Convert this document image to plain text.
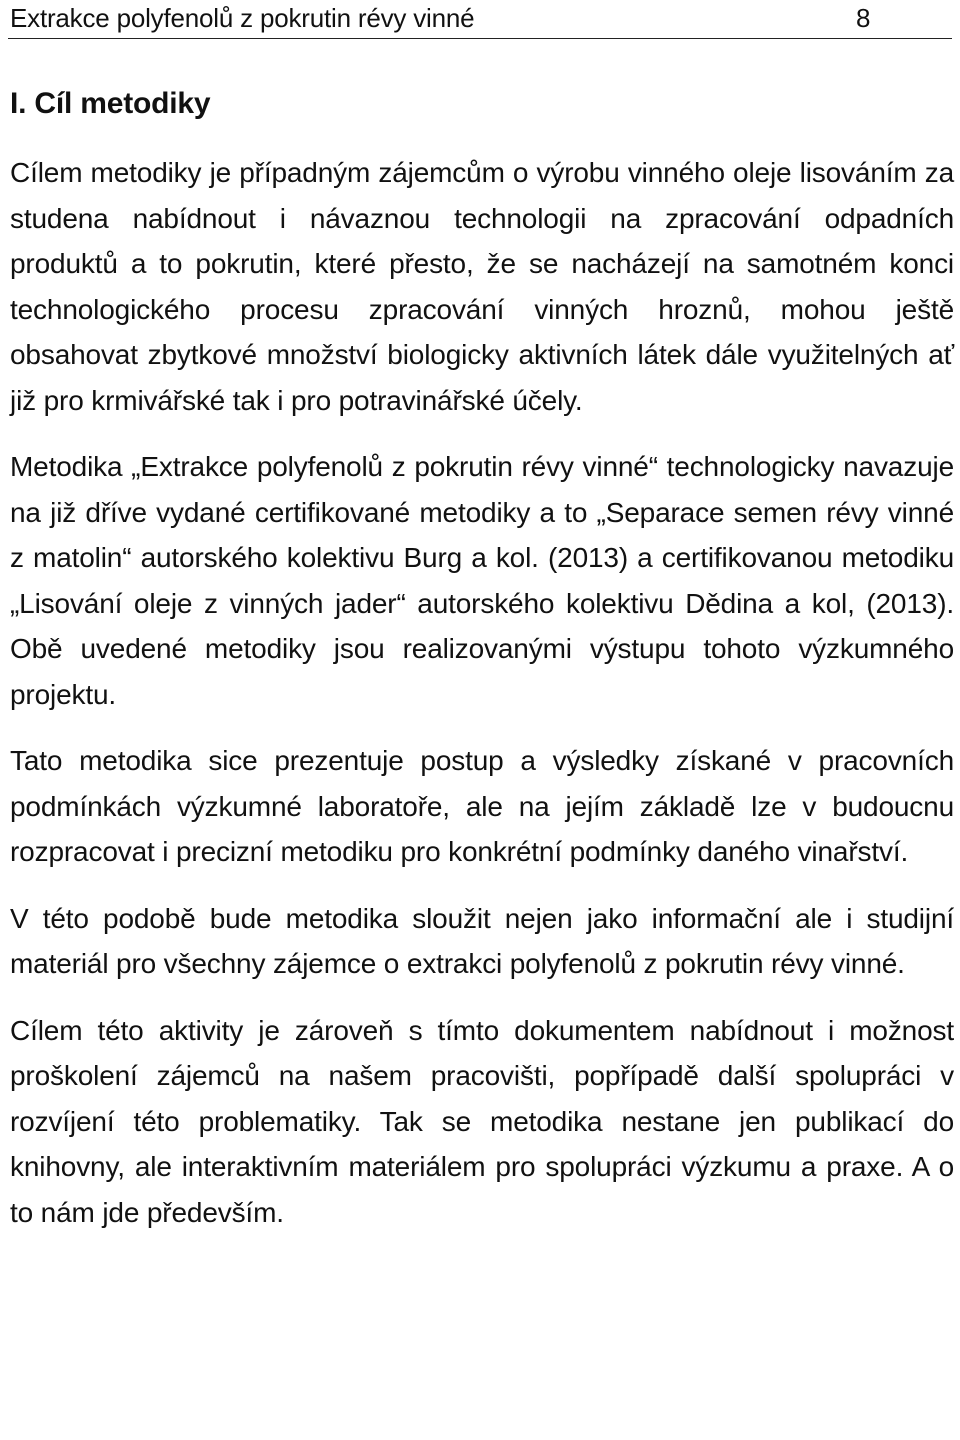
Extrakce polyfenolů z pokrutin révy vinné	8
I. Cíl metodiky

Cílem metodiky je případným zájemcům o výrobu vinného oleje lisováním za studena nabídnout i návaznou technologii na zpracování odpadních produktů a to pokrutin, které přesto, že se nacházejí na samotném konci technologického procesu zpracování vinných hroznů, mohou ještě obsahovat zbytkové množství biologicky aktivních látek dále využitelných ať již pro krmivářské tak i pro potravinářské účely.

Metodika „Extrakce polyfenolů z pokrutin révy vinné“ technologicky navazuje na již dříve vydané certifikované metodiky a to „Separace semen révy vinné z matolin“ autorského kolektivu Burg a kol. (2013) a certifikovanou metodiku „Lisování oleje z vinných jader“ autorského kolektivu Dědina a kol, (2013). Obě uvedené metodiky jsou realizovanými výstupu tohoto výzkumného projektu.

Tato metodika sice prezentuje postup a výsledky získané v pracovních podmínkách výzkumné laboratoře, ale na jejím základě lze v budoucnu rozpracovat i precizní metodiku pro konkrétní podmínky daného vinařství.

V této podobě bude metodika sloužit nejen jako informační ale i studijní materiál pro všechny zájemce o extrakci polyfenolů z pokrutin révy vinné.

Cílem této aktivity je zároveň s tímto dokumentem nabídnout i možnost proškolení zájemců na našem pracovišti, popřípadě další spolupráci v rozvíjení této problematiky. Tak se metodika nestane jen publikací do knihovny, ale interaktivním materiálem pro spolupráci výzkumu a praxe. A o to nám jde především.
